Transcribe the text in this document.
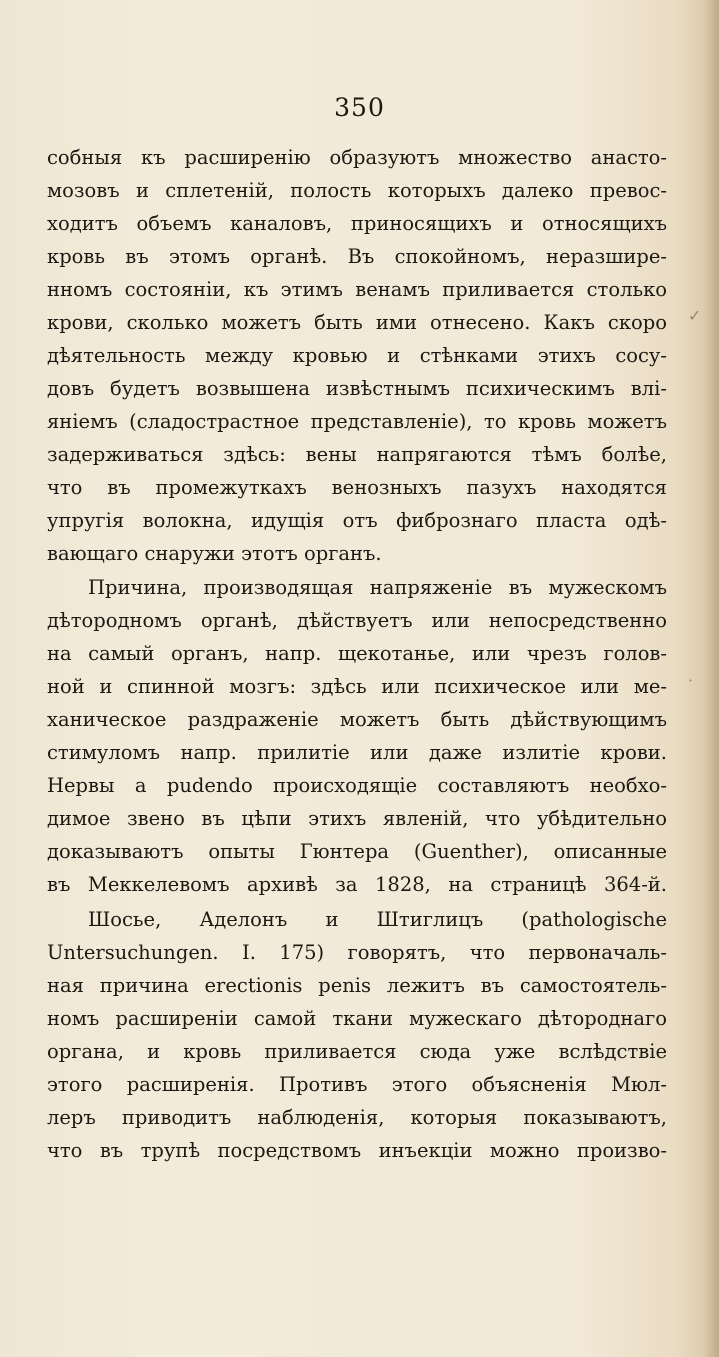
350
собныя къ расширенію образуютъ множество анасто-
мозовъ и сплетеній, полость которыхъ далеко превос-
ходитъ объемъ каналовъ, приносящихъ и относящихъ
кровь въ этомъ органѣ. Въ спокойномъ, неразшире-
нномъ состояніи, къ этимъ венамъ приливается столько
крови, сколько можетъ быть ими отнесено. Какъ скоро
дѣятельность между кровью и стѣнками этихъ сосу-
довъ будетъ возвышена извѣстнымъ психическимъ влі-
яніемъ (сладострастное представленіе), то кровь можетъ
задерживаться здѣсь: вены напрягаются тѣмъ болѣе,
что въ промежуткахъ венозныхъ пазухъ находятся
упругія волокна, идущія отъ фибрознаго пласта одѣ-
вающаго снаружи этотъ органъ.
Причина, производящая напряженіе въ мужескомъ
дѣтородномъ органѣ, дѣйствуетъ или непосредственно
на самый органъ, напр. щекотанье, или чрезъ голов-
ной и спинной мозгъ: здѣсь или психическое или ме-
ханическое раздраженіе можетъ быть дѣйствующимъ
стимуломъ напр. прилитіе или даже излитіе крови.
Нервы a pudendo происходящіе составляютъ необхо-
димое звено въ цѣпи этихъ явленій, что убѣдительно
доказываютъ опыты Гюнтера (Guenther), описанные
въ Меккелевомъ архивѣ за 1828, на страницѣ 364-й.
Шосье, Аделонъ и Штиглицъ (pathologische
Untersuchungen. I. 175) говорятъ, что первоначаль-
ная причина erectionis penis лежитъ въ самостоятель-
номъ расширеніи самой ткани мужескаго дѣтороднаго
органа, и кровь приливается сюда уже вслѣдствіе
этого расширенія. Противъ этого объясненія Мюл-
леръ приводитъ наблюденія, которыя показываютъ,
что въ трупѣ посредствомъ инъекціи можно произво-
✓
·
